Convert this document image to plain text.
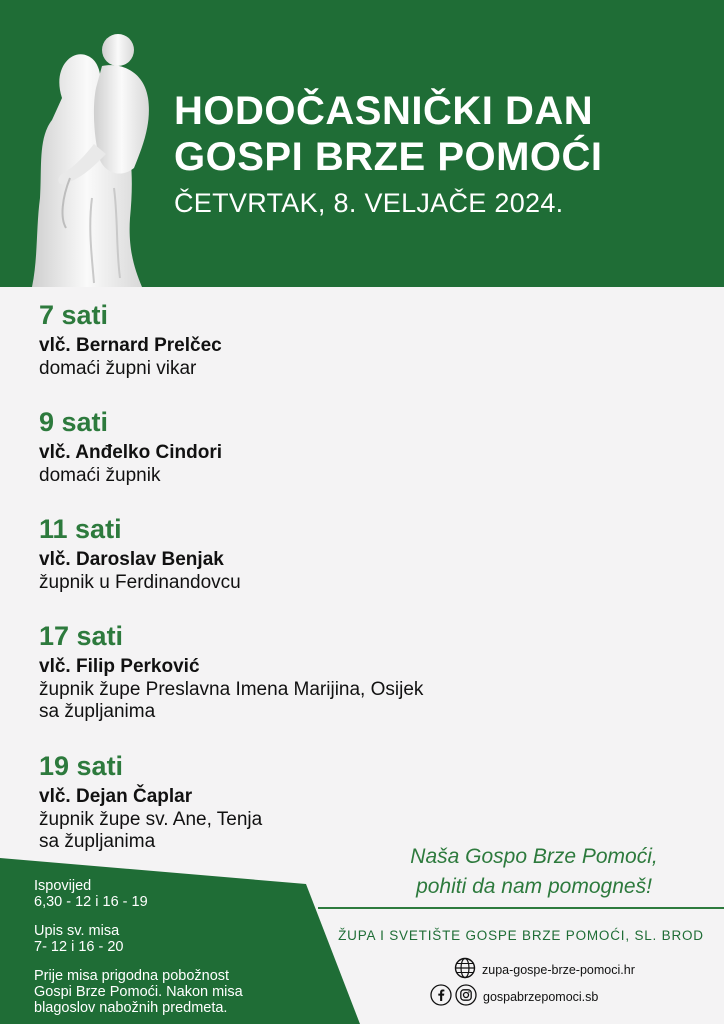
HODOČASNIČKI DAN
GOSPI BRZE POMOĆI
ČETVRTAK, 8. VELJAČE 2024.
7 sati
vlč. Bernard Prelčec
domaći župni vikar
9 sati
vlč. Anđelko Cindori
domaći župnik
11 sati
vlč. Daroslav Benjak
župnik u Ferdinandovcu
17 sati
vlč. Filip Perković
župnik župe Preslavna Imena Marijina, Osijek
sa župljanima
19 sati
vlč. Dejan Čaplar
župnik župe sv. Ane, Tenja
sa župljanima
Ispovijed
6,30 - 12 i 16 - 19
Upis sv. misa
7- 12 i 16 - 20
Prije misa prigodna pobožnost
Gospi Brze Pomoći. Nakon misa
blagoslov nabožnih predmeta.
Naša Gospo Brze Pomoći,
pohiti da nam pomogneš!
ŽUPA I SVETIŠTE GOSPE BRZE POMOĆI, SL. BROD
zupa-gospe-brze-pomoci.hr
gospabrzepomoci.sb
